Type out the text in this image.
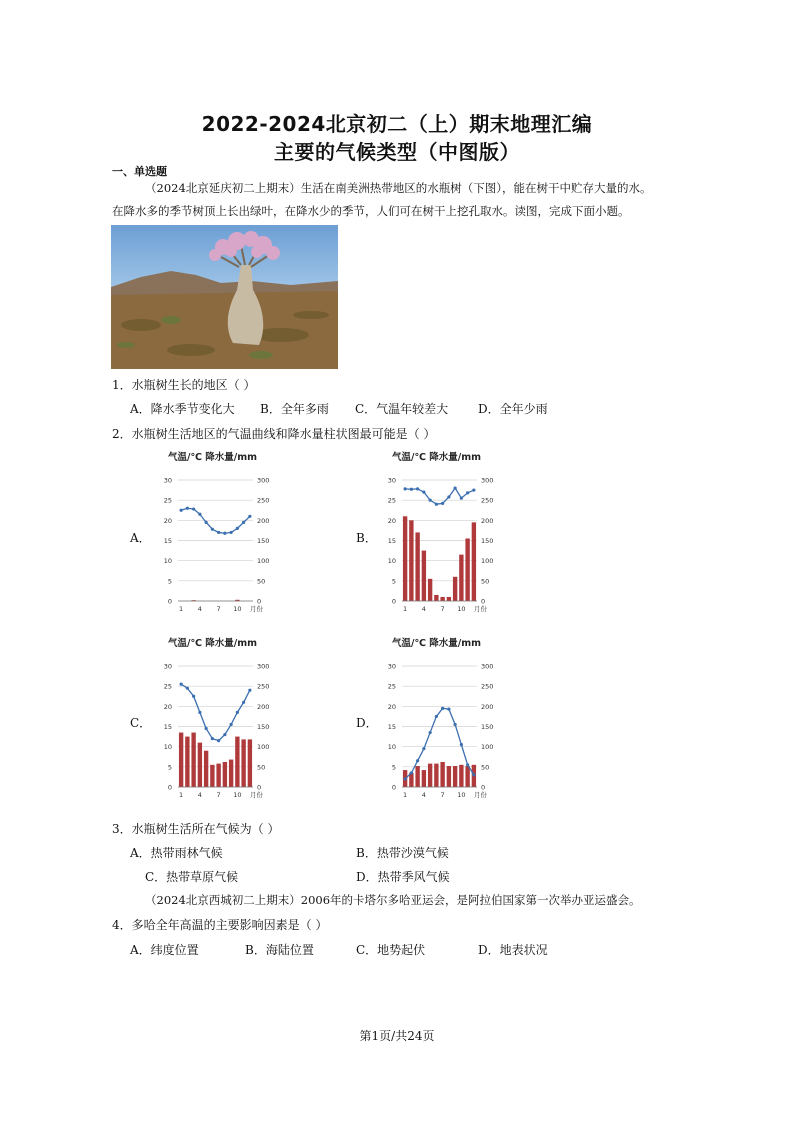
2022-2024北京初二（上）期末地理汇编
主要的气候类型（中图版）
一、单选题
（2024北京延庆初二上期末）生活在南美洲热带地区的水瓶树（下图），能在树干中贮存大量的水。
在降水多的季节树顶上长出绿叶，在降水少的季节，人们可在树干上挖孔取水。读图，完成下面小题。
1．水瓶树生长的地区（ ）
A．降水季节变化大 B．全年多雨 C．气温年较差大 D．全年少雨
2．水瓶树生活地区的气温曲线和降水量柱状图最可能是（ ）
A．	B．
C．	D．
气温/℃ 降水量/mm
0
5
10
15
20
25
30
0
50
100
150
200
250
300
1 4 7 10 月份
气温/℃ 降水量/mm
0
5
10
15
20
25
30
0
50
100
150
200
250
300
1 4 7 10 月份
气温/℃ 降水量/mm
0
5
10
15
20
25
30
0
50
100
150
200
250
300
1 4 7 10 月份
气温/℃ 降水量/mm
0
5
10
15
20
25
30
0
50
100
150
200
250
300
1 4 7 10 月份
3．水瓶树生活所在气候为（ ）
A．热带雨林气候	B．热带沙漠气候
C．热带草原气候	D．热带季风气候
（2024北京西城初二上期末）2006年的卡塔尔多哈亚运会，是阿拉伯国家第一次举办亚运盛会。
4．多哈全年高温的主要影响因素是（ ）
A．纬度位置	B．海陆位置	C．地势起伏	D．地表状况
第1页/共24页
